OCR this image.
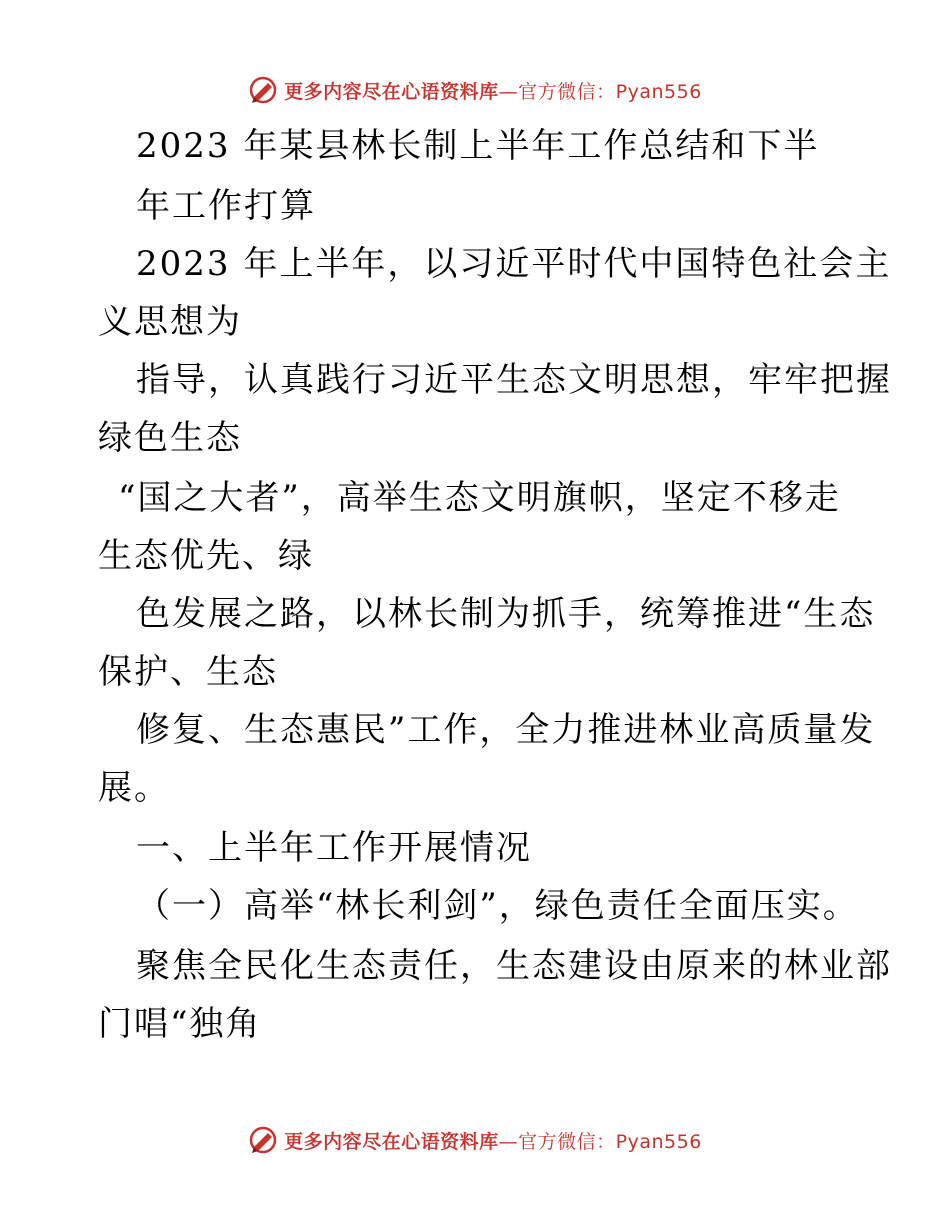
更多内容尽在心语资料库—官方微信：Pyan556
2023 年某县林长制上半年工作总结和下半
年工作打算
2023 年上半年，以习近平时代中国特色社会主
义思想为
指导，认真践行习近平生态文明思想，牢牢把握
绿色生态
“国之大者”，高举生态文明旗帜，坚定不移走
生态优先、绿
色发展之路，以林长制为抓手，统筹推进“生态
保护、生态
修复、生态惠民”工作，全力推进林业高质量发
展。
一、上半年工作开展情况
（一）高举“林长利剑”，绿色责任全面压实。
聚焦全民化生态责任，生态建设由原来的林业部
门唱“独角
更多内容尽在心语资料库—官方微信：Pyan556
